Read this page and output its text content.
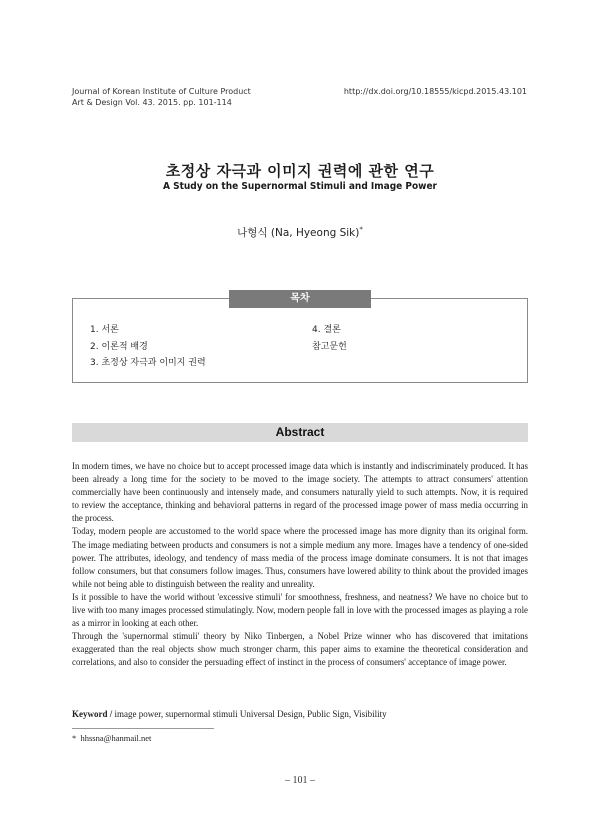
Journal of Korean Institute of Culture Product
Art & Design Vol. 43. 2015. pp. 101-114
http://dx.doi.org/10.18555/kicpd.2015.43.101
초정상 자극과 이미지 권력에 관한 연구
A Study on the Supernormal Stimuli and Image Power
나형식 (Na, Hyeong Sik)*
목차
1. 서론
2. 이론적 배경
3. 초정상 자극과 이미지 권력
4. 결론
참고문헌
Abstract

In modern times, we have no choice but to accept processed image data which is instantly and indiscriminately produced. It has been already a long time for the society to be moved to the image society. The attempts to attract consumers' attention commercially have been continuously and intensely made, and consumers naturally yield to such attempts. Now, it is required to review the acceptance, thinking and behavioral patterns in regard of the processed image power of mass media occurring in the process.

Today, modern people are accustomed to the world space where the processed image has more dignity than its original form. The image mediating between products and consumers is not a simple medium any more. Images have a tendency of one-sided power. The attributes, ideology, and tendency of mass media of the process image dominate consumers. It is not that images follow consumers, but that consumers follow images. Thus, consumers have lowered ability to think about the provided images while not being able to distinguish between the reality and unreality.

Is it possible to have the world without 'excessive stimuli' for smoothness, freshness, and neatness? We have no choice but to live with too many images processed stimulatingly. Now, modern people fall in love with the processed images as playing a role as a mirror in looking at each other.

Through the 'supernormal stimuli' theory by Niko Tinbergen, a Nobel Prize winner who has discovered that imitations exaggerated than the real objects show much stronger charm, this paper aims to examine the theoretical consideration and correlations, and also to consider the persuading effect of instinct in the process of consumers' acceptance of image power.

Keyword / image power, supernormal stimuli Universal Design, Public Sign, Visibility
* hhssna@hanmail.net
– 101 –
